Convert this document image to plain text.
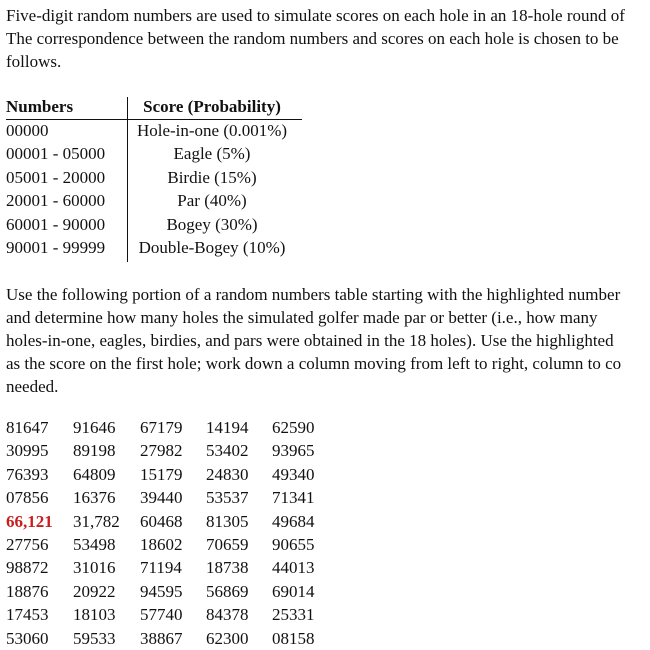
Five-digit random numbers are used to simulate scores on each hole in an 18-hole round of
The correspondence between the random numbers and scores on each hole is chosen to be
follows.
Numbers	Score (Probability)
00000	Hole-in-one (0.001%)
00001 - 05000	Eagle (5%)
05001 - 20000	Birdie (15%)
20001 - 60000	Par (40%)
60001 - 90000	Bogey (30%)
90001 - 99999	Double-Bogey (10%)
Use the following portion of a random numbers table starting with the highlighted number
and determine how many holes the simulated golfer made par or better (i.e., how many
holes-in-one, eagles, birdies, and pars were obtained in the 18 holes). Use the highlighted
as the score on the first hole; work down a column moving from left to right, column to co
needed.
81647 91646 67179 14194 62590
30995 89198 27982 53402 93965
76393 64809 15179 24830 49340
07856 16376 39440 53537 71341
66,121 31,782 60468 81305 49684
27756 53498 18602 70659 90655
98872 31016 71194 18738 44013
18876 20922 94595 56869 69014
17453 18103 57740 84378 25331
53060 59533 38867 62300 08158
